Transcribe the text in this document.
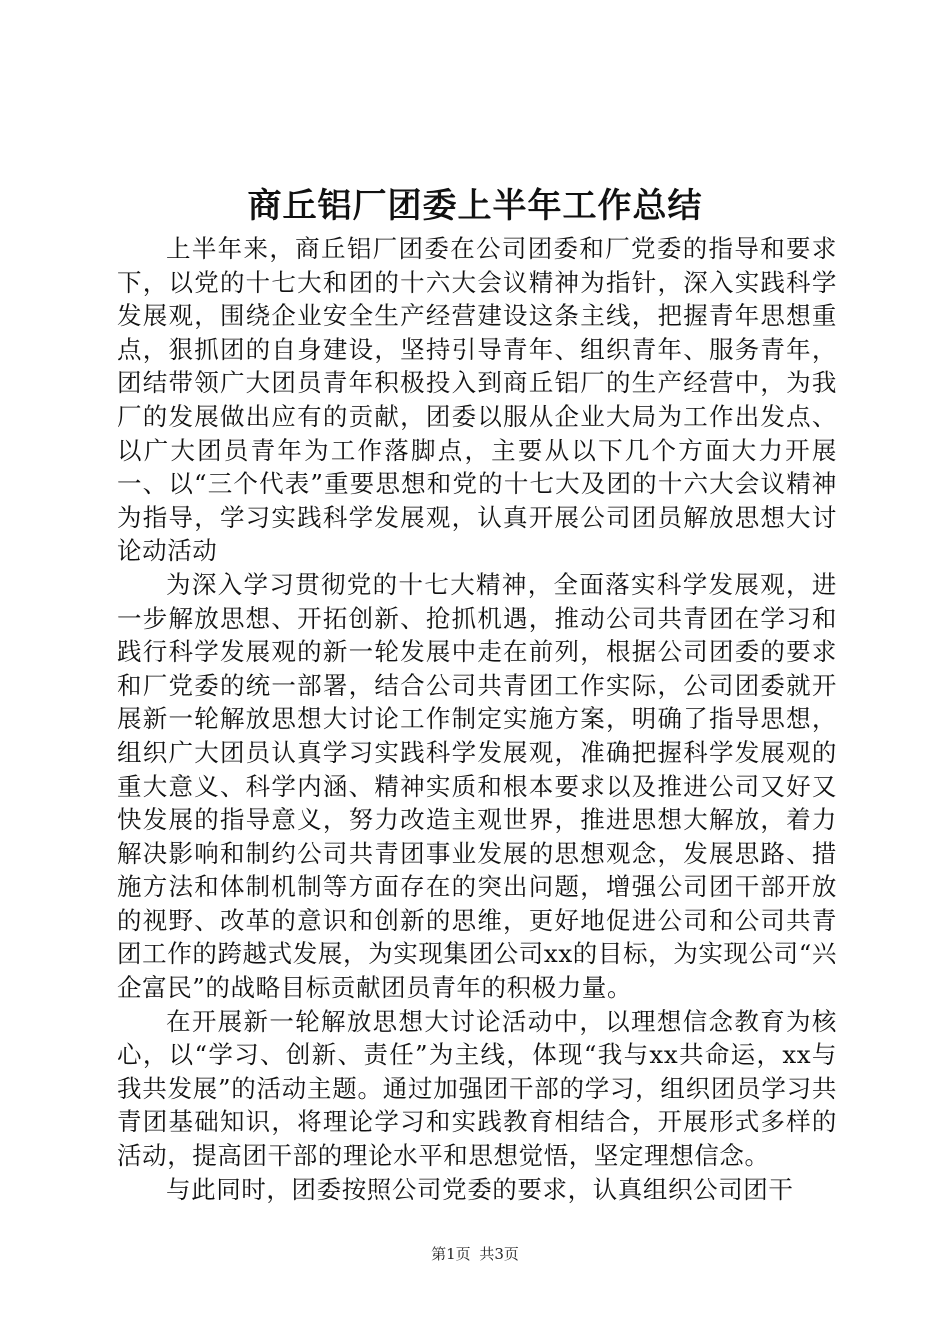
商丘铝厂团委上半年工作总结

上半年来，商丘铝厂团委在公司团委和厂党委的指导和要求下，以党的十七大和团的十六大会议精神为指针，深入实践科学发展观，围绕企业安全生产经营建设这条主线，把握青年思想重点，狠抓团的自身建设，坚持引导青年、组织青年、服务青年，团结带领广大团员青年积极投入到商丘铝厂的生产经营中，为我厂的发展做出应有的贡献，团委以服从企业大局为工作出发点、以广大团员青年为工作落脚点，主要从以下几个方面大力开展一、以“三个代表”重要思想和党的十七大及团的十六大会议精神为指导，学习实践科学发展观，认真开展公司团员解放思想大讨论动活动

为深入学习贯彻党的十七大精神，全面落实科学发展观，进一步解放思想、开拓创新、抢抓机遇，推动公司共青团在学习和践行科学发展观的新一轮发展中走在前列，根据公司团委的要求和厂党委的统一部署，结合公司共青团工作实际，公司团委就开展新一轮解放思想大讨论工作制定实施方案，明确了指导思想，组织广大团员认真学习实践科学发展观，准确把握科学发展观的重大意义、科学内涵、精神实质和根本要求以及推进公司又好又快发展的指导意义，努力改造主观世界，推进思想大解放，着力解决影响和制约公司共青团事业发展的思想观念，发展思路、措施方法和体制机制等方面存在的突出问题，增强公司团干部开放的视野、改革的意识和创新的思维，更好地促进公司和公司共青团工作的跨越式发展，为实现集团公司xx的目标，为实现公司“兴企富民”的战略目标贡献团员青年的积极力量。

在开展新一轮解放思想大讨论活动中，以理想信念教育为核心，以“学习、创新、责任”为主线，体现“我与xx共命运，xx与我共发展”的活动主题。通过加强团干部的学习，组织团员学习共青团基础知识，将理论学习和实践教育相结合，开展形式多样的活动，提高团干部的理论水平和思想觉悟，坚定理想信念。

与此同时，团委按照公司党委的要求，认真组织公司团干

第1页 共3页
